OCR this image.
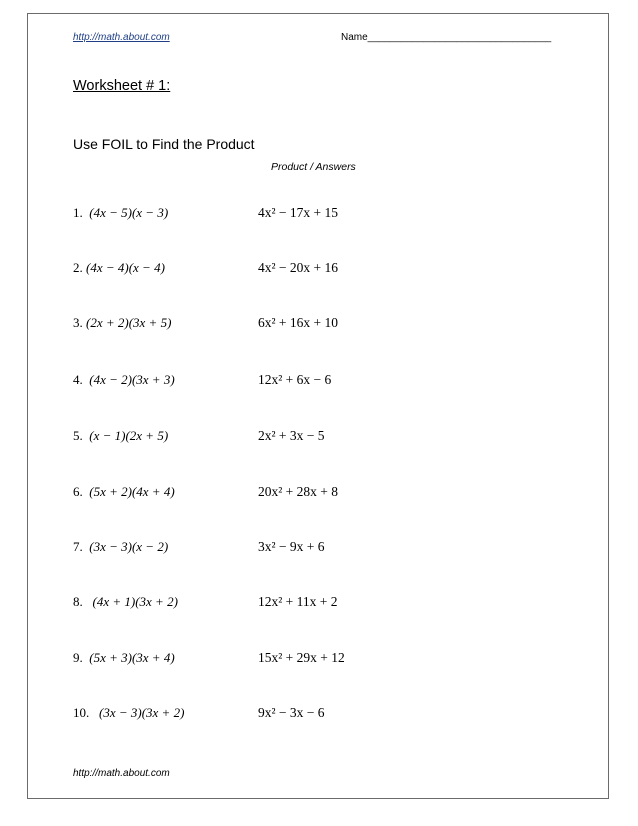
http://math.about.com	Name_________________________________
Worksheet # 1:
Use FOIL to Find the Product
Product / Answers
1. (4x − 5)(x − 3)	4x² − 17x + 15
2. (4x − 4)(x − 4)	4x² − 20x + 16
3. (2x + 2)(3x + 5)	6x² + 16x + 10
4. (4x − 2)(3x + 3)	12x² + 6x − 6
5. (x − 1)(2x + 5)	2x² + 3x − 5
6. (5x + 2)(4x + 4)	20x² + 28x + 8
7. (3x − 3)(x − 2)	3x² − 9x + 6
8. (4x + 1)(3x + 2)	12x² + 11x + 2
9. (5x + 3)(3x + 4)	15x² + 29x + 12
10. (3x − 3)(3x + 2)	9x² − 3x − 6
http://math.about.com
